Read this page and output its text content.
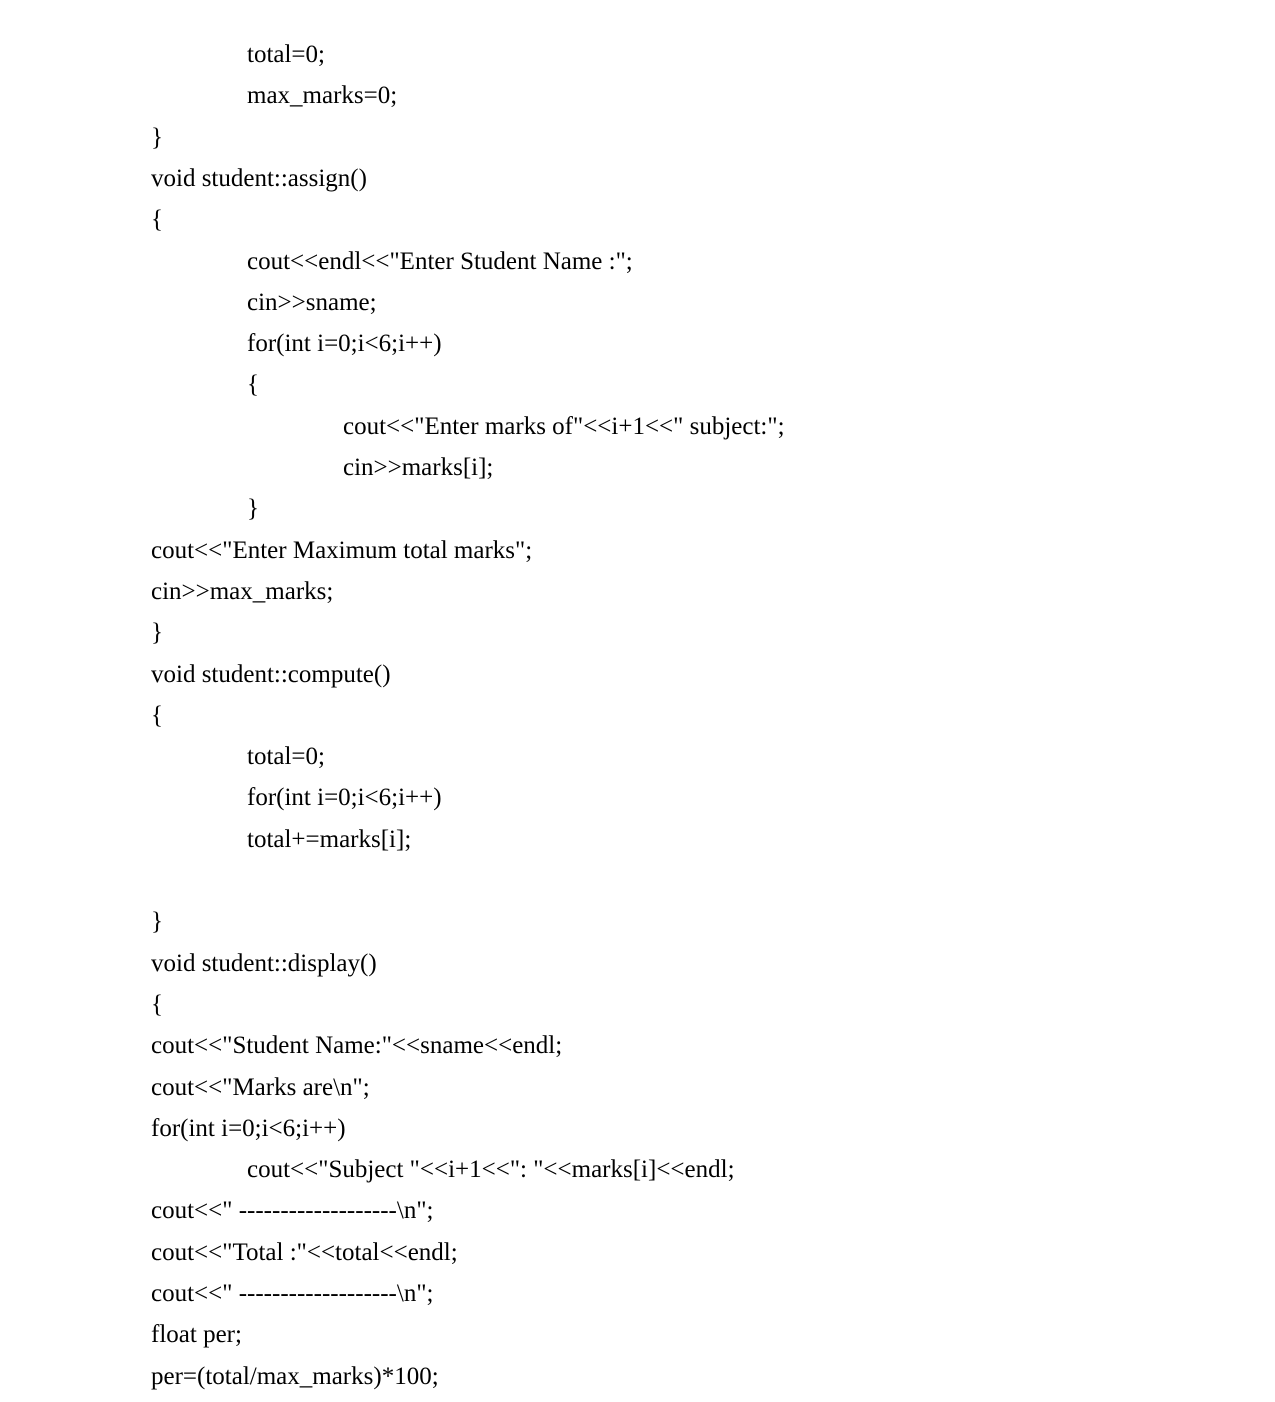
total=0;
max_marks=0;
}
void student::assign()
{
cout<<endl<<"Enter Student Name :";
cin>>sname;
for(int i=0;i<6;i++)
{
cout<<"Enter marks of"<<i+1<<" subject:";
cin>>marks[i];
}
cout<<"Enter Maximum total marks";
cin>>max_marks;
}
void student::compute()
{
total=0;
for(int i=0;i<6;i++)
total+=marks[i];
}
void student::display()
{
cout<<"Student Name:"<<sname<<endl;
cout<<"Marks are\n";
for(int i=0;i<6;i++)
cout<<"Subject "<<i+1<<": "<<marks[i]<<endl;
cout<<" -------------------\n";
cout<<"Total :"<<total<<endl;
cout<<" -------------------\n";
float per;
per=(total/max_marks)*100;
